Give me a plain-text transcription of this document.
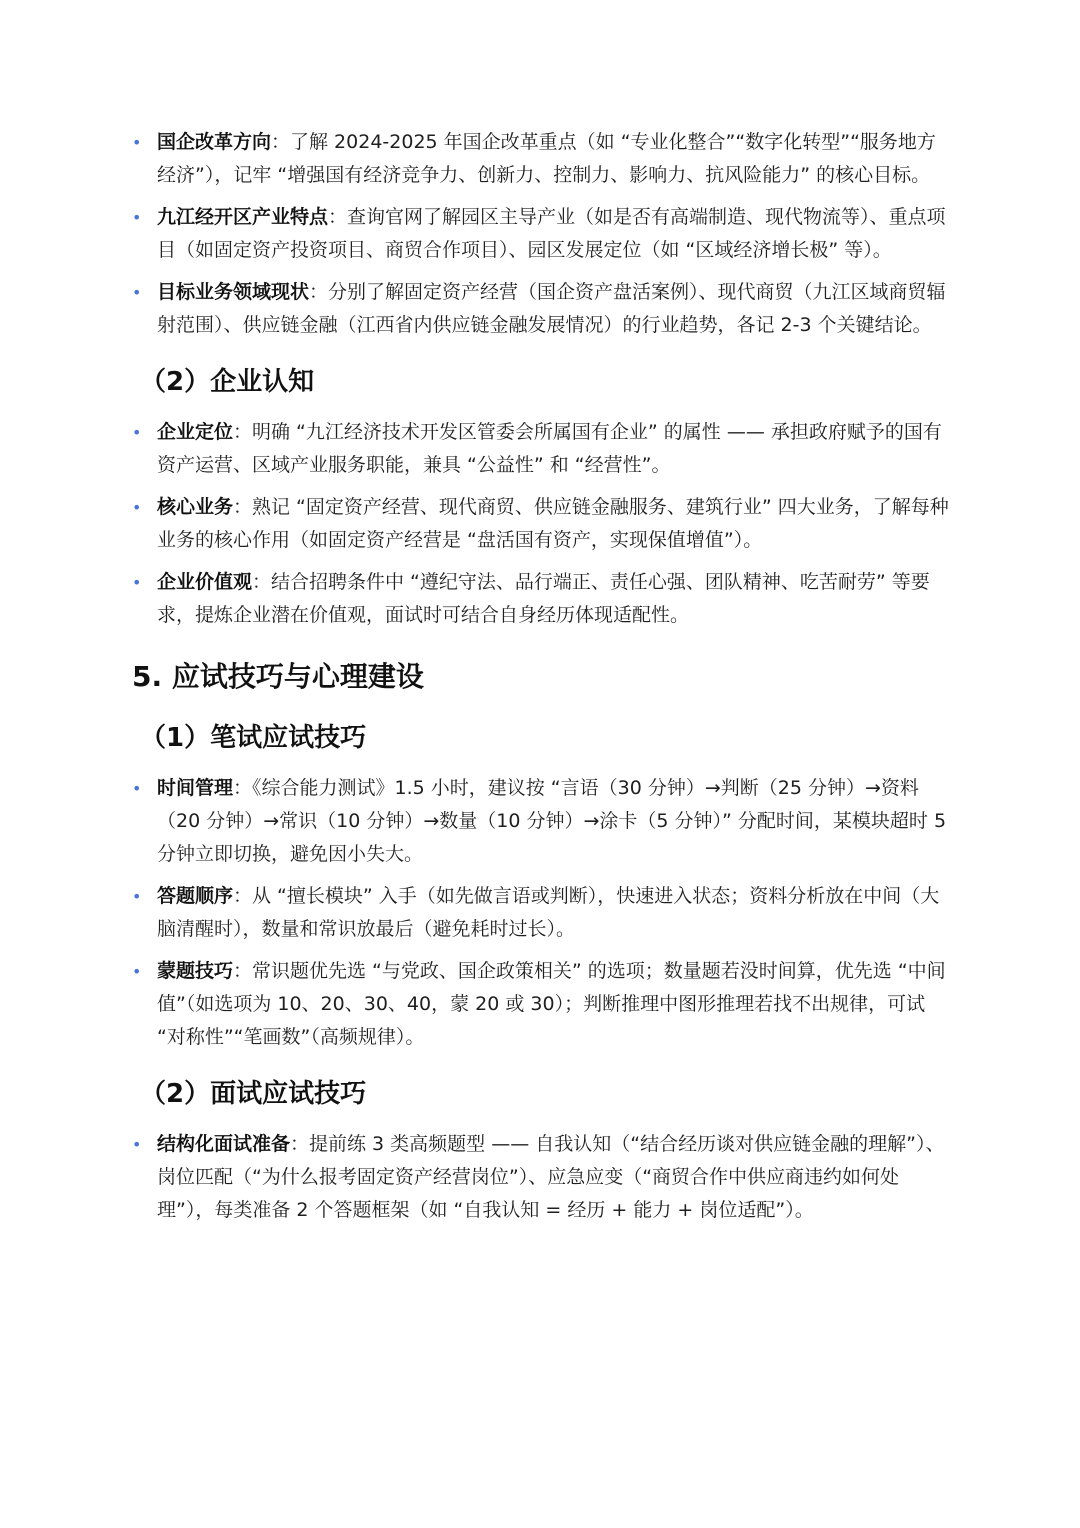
• 国企改革方向：了解 2024-2025 年国企改革重点（如 “专业化整合”“数字化转型”“服务地方经济”），记牢 “增强国有经济竞争力、创新力、控制力、影响力、抗风险能力” 的核心目标。
• 九江经开区产业特点：查询官网了解园区主导产业（如是否有高端制造、现代物流等）、重点项目（如固定资产投资项目、商贸合作项目）、园区发展定位（如 “区域经济增长极” 等）。
• 目标业务领域现状：分别了解固定资产经营（国企资产盘活案例）、现代商贸（九江区域商贸辐射范围）、供应链金融（江西省内供应链金融发展情况）的行业趋势，各记 2-3 个关键结论。
（2）企业认知
• 企业定位：明确 “九江经济技术开发区管委会所属国有企业” 的属性 —— 承担政府赋予的国有资产运营、区域产业服务职能，兼具 “公益性” 和 “经营性”。
• 核心业务：熟记 “固定资产经营、现代商贸、供应链金融服务、建筑行业” 四大业务，了解每种业务的核心作用（如固定资产经营是 “盘活国有资产，实现保值增值”）。
• 企业价值观：结合招聘条件中 “遵纪守法、品行端正、责任心强、团队精神、吃苦耐劳” 等要求，提炼企业潜在价值观，面试时可结合自身经历体现适配性。
5. 应试技巧与心理建设
（1）笔试应试技巧
• 时间管理：《综合能力测试》1.5 小时，建议按 “言语（30 分钟）→判断（25 分钟）→资料（20 分钟）→常识（10 分钟）→数量（10 分钟）→涂卡（5 分钟）” 分配时间，某模块超时 5 分钟立即切换，避免因小失大。
• 答题顺序：从 “擅长模块” 入手（如先做言语或判断），快速进入状态；资料分析放在中间（大脑清醒时），数量和常识放最后（避免耗时过长）。
• 蒙题技巧：常识题优先选 “与党政、国企政策相关” 的选项；数量题若没时间算，优先选 “中间值”（如选项为 10、20、30、40，蒙 20 或 30）；判断推理中图形推理若找不出规律，可试 “对称性”“笔画数”（高频规律）。
（2）面试应试技巧
• 结构化面试准备：提前练 3 类高频题型 —— 自我认知（“结合经历谈对供应链金融的理解”）、岗位匹配（“为什么报考固定资产经营岗位”）、应急应变（“商贸合作中供应商违约如何处理”），每类准备 2 个答题框架（如 “自我认知 = 经历 + 能力 + 岗位适配”）。
